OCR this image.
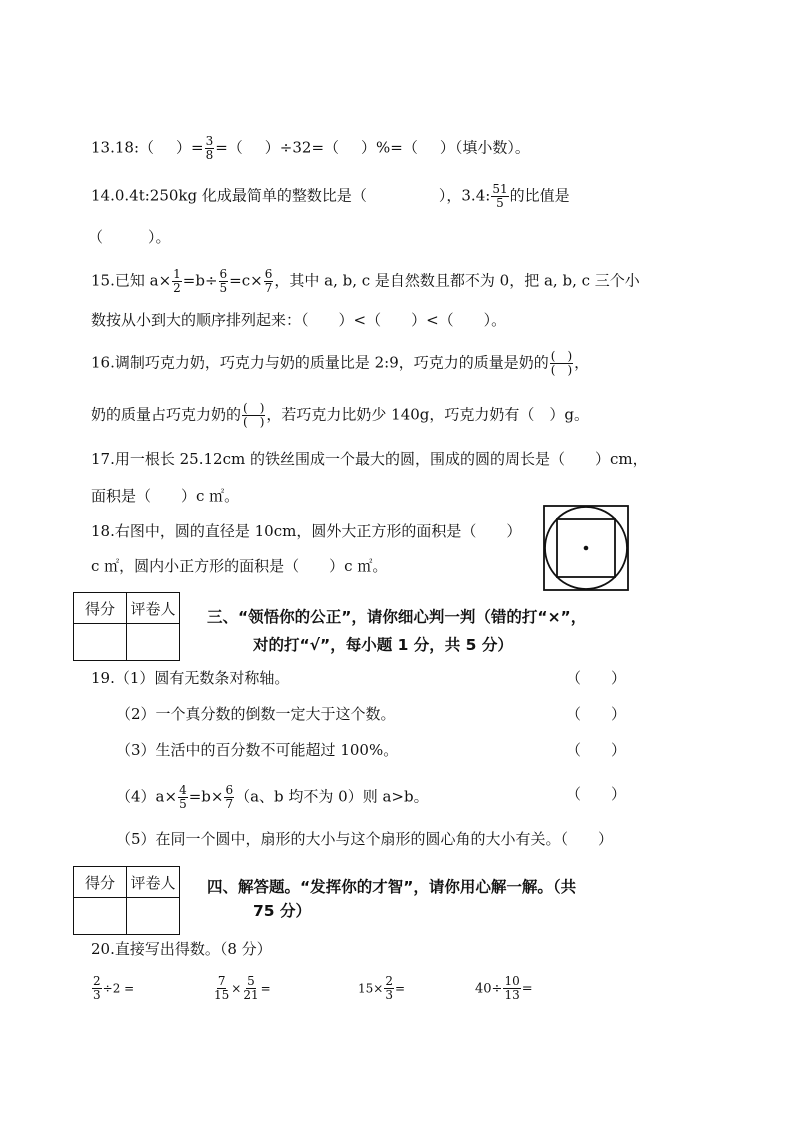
13.18:（ ）= $\frac{3}{8}$ =（ ）÷32=（ ）%=（ ）（填小数）。
14.0.4t:250kg 化成最简单的整数比是（	），3.4: $\frac{51}{5}$ 的比值是
（　　　）。
15.已知 $a\times \frac{1}{2} =b\div \frac{6}{5} =c\times \frac{6}{7}$ ，其中 a, b, c 是自然数且都不为 0，把 a, b, c 三个小
数按从小到大的顺序排列起来：（　　）<（　　）<（　　）。
16.调制巧克力奶，巧克力与奶的质量比是 2:9，巧克力的质量是奶的 $\frac{( )}{( )}$ ，
奶的质量占巧克力奶的 $\frac{( )}{( )}$ ，若巧克力比奶少 140g，巧克力奶有（　）g。
17.用一根长 25.12cm 的铁丝围成一个最大的圆，围成的圆的周长是（　　）cm，
面积是（　　）c ㎡。
18.右图中，圆的直径是 10cm，圆外大正方形的面积是（　　）
c ㎡，圆内小正方形的面积是（　　）c ㎡。
得分	评卷人
	三、“领悟你的公正”，请你细心判一判（错的打“×”，
对的打“√”，每小题 1 分，共 5 分）
19.（1）圆有无数条对称轴。	（　　）
（2）一个真分数的倒数一定大于这个数。	（　　）
（3）生活中的百分数不可能超过 100%。	（　　）
$(4)a\times \frac{4}{5} =b\times \frac{6}{7} (a$、b 均不为 0）则 a>b。	（　　）
（5）在同一个圆中，扇形的大小与这个扇形的圆心角的大小有关。（　　）
得分	评卷人
	四、解答题。“发挥你的才智”，请你用心解一解。（共
75 分）
20.直接写出得数。（8 分）
$\frac{2}{3} \div 2$ =	$\frac{7}{15} \times \frac{5}{21}$ =	$15\times \frac{2}{3}$ =	$40\div \frac{10}{13}$ =
